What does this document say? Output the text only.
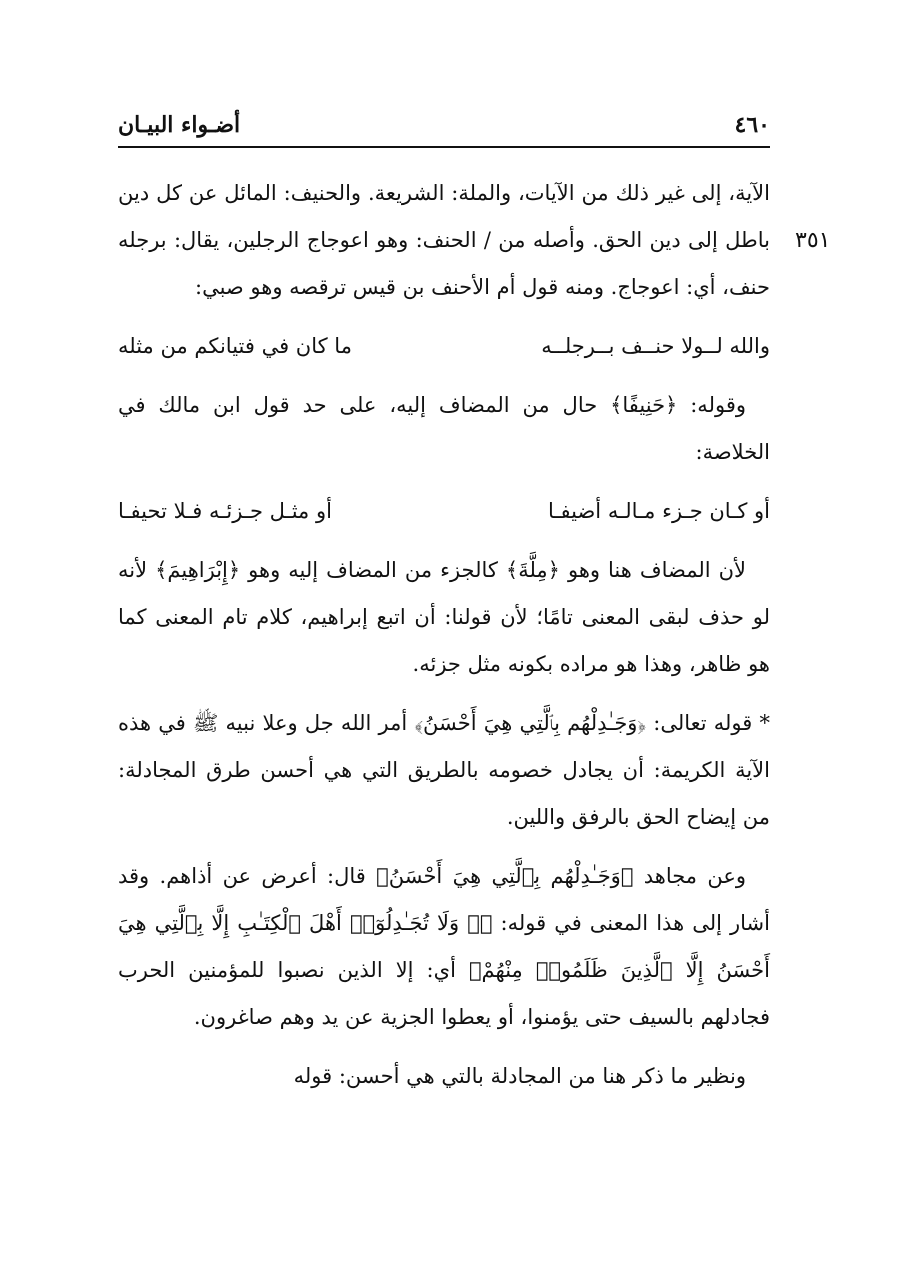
أضـواء البيـان	٤٦٠
٣٥١

الآية، إلى غير ذلك من الآيات، والملة: الشريعة. والحنيف: المائل عن كل دين باطل إلى دين الحق. وأصله من / الحنف: وهو اعوجاج الرجلين، يقال: برجله حنف، أي: اعوجاج. ومنه قول أم الأحنف بن قيس ترقصه وهو صبي:

والله لــولا حنــف بــرجلــه
ما كان في فتيانكم من مثله

وقوله: ﴿حَنِيفًا﴾ حال من المضاف إليه، على حد قول ابن مالك في الخلاصة:

أو كـان جـزء مـالـه أضيفـا
أو مثـل جـزئـه فـلا تحيفـا

لأن المضاف هنا وهو ﴿مِلَّةَ﴾ كالجزء من المضاف إليه وهو ﴿إِبْرَاهِيمَ﴾ لأنه لو حذف لبقى المعنى تامًا؛ لأن قولنا: أن اتبع إبراهيم، كلام تام المعنى كما هو ظاهر، وهذا هو مراده بكونه مثل جزئه.

* قوله تعالى: ﴿وَجَـٰدِلْهُم بِٱلَّتِي هِيَ أَحْسَنُ﴾ أمر الله جل وعلا نبيه ﷺ في هذه الآية الكريمة: أن يجادل خصومه بالطريق التي هي أحسن طرق المجادلة: من إيضاح الحق بالرفق واللين.

وعن مجاهد ﴿وَجَـٰدِلْهُم بِٱلَّتِي هِيَ أَحْسَنُ﴾ قال: أعرض عن أذاهم. وقد أشار إلى هذا المعنى في قوله: ﴿۞ وَلَا تُجَـٰدِلُوٓا۟ أَهْلَ ٱلْكِتَـٰبِ إِلَّا بِٱلَّتِي هِيَ أَحْسَنُ إِلَّا ٱلَّذِينَ ظَلَمُوا۟ مِنْهُمْ﴾ أي: إلا الذين نصبوا للمؤمنين الحرب فجادلهم بالسيف حتى يؤمنوا، أو يعطوا الجزية عن يد وهم صاغرون.

ونظير ما ذكر هنا من المجادلة بالتي هي أحسن: قوله
